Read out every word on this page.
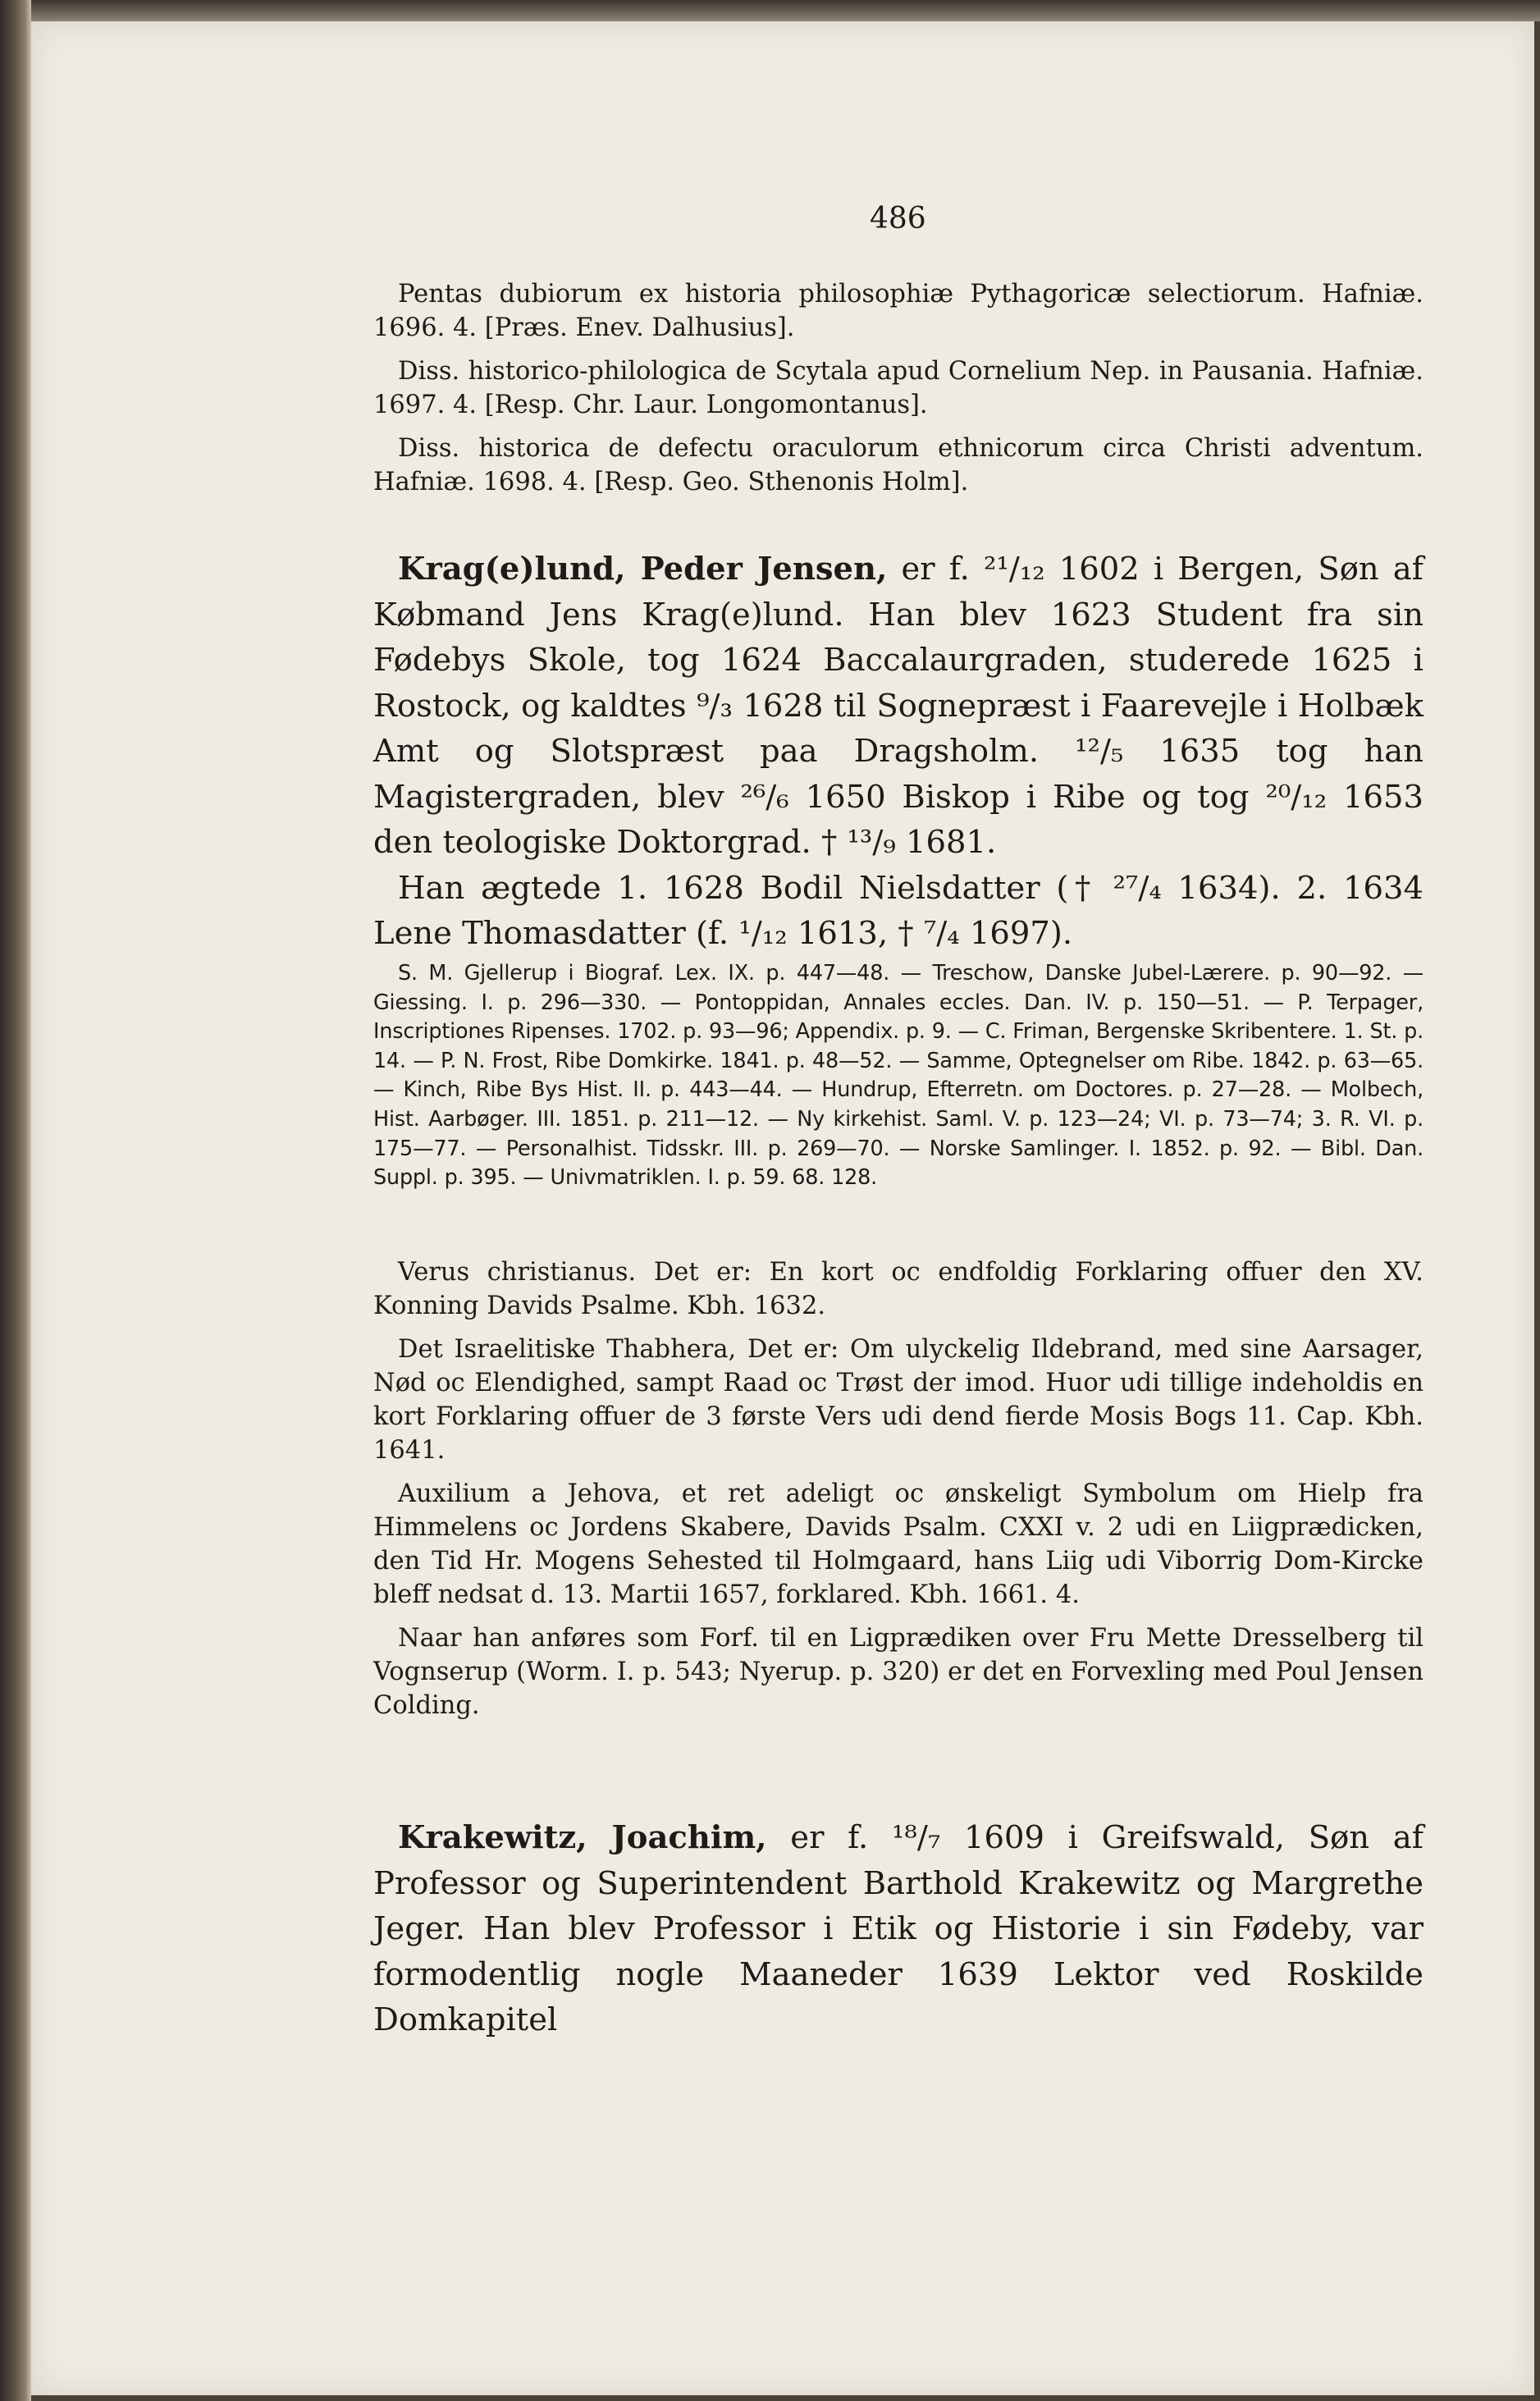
486

Pentas dubiorum ex historia philosophiæ Pythagoricæ selectiorum. Hafniæ. 1696. 4. [Præs. Enev. Dalhusius].

Diss. historico-philologica de Scytala apud Cornelium Nep. in Pausania. Hafniæ. 1697. 4. [Resp. Chr. Laur. Longomontanus].

Diss. historica de defectu oraculorum ethnicorum circa Christi adventum. Hafniæ. 1698. 4. [Resp. Geo. Sthenonis Holm].

Krag(e)lund, Peder Jensen, er f. ²¹/₁₂ 1602 i Bergen, Søn af Købmand Jens Krag(e)lund. Han blev 1623 Student fra sin Fødebys Skole, tog 1624 Baccalaurgraden, studerede 1625 i Rostock, og kaldtes ⁹/₃ 1628 til Sognepræst i Faarevejle i Holbæk Amt og Slotspræst paa Dragsholm. ¹²/₅ 1635 tog han Magistergraden, blev ²⁶/₆ 1650 Biskop i Ribe og tog ²⁰/₁₂ 1653 den teologiske Doktorgrad. † ¹³/₉ 1681.

Han ægtede 1. 1628 Bodil Nielsdatter († ²⁷/₄ 1634). 2. 1634 Lene Thomasdatter (f. ¹/₁₂ 1613, † ⁷/₄ 1697).

S. M. Gjellerup i Biograf. Lex. IX. p. 447—48. — Treschow, Danske Jubel-Lærere. p. 90—92. — Giessing. I. p. 296—330. — Pontoppidan, Annales eccles. Dan. IV. p. 150—51. — P. Terpager, Inscriptiones Ripenses. 1702. p. 93—96; Appendix. p. 9. — C. Friman, Bergenske Skribentere. 1. St. p. 14. — P. N. Frost, Ribe Domkirke. 1841. p. 48—52. — Samme, Optegnelser om Ribe. 1842. p. 63—65. — Kinch, Ribe Bys Hist. II. p. 443—44. — Hundrup, Efterretn. om Doctores. p. 27—28. — Molbech, Hist. Aarbøger. III. 1851. p. 211—12. — Ny kirkehist. Saml. V. p. 123—24; VI. p. 73—74; 3. R. VI. p. 175—77. — Personalhist. Tidsskr. III. p. 269—70. — Norske Samlinger. I. 1852. p. 92. — Bibl. Dan. Suppl. p. 395. — Univmatriklen. I. p. 59. 68. 128.

Verus christianus. Det er: En kort oc endfoldig Forklaring offuer den XV. Konning Davids Psalme. Kbh. 1632.

Det Israelitiske Thabhera, Det er: Om ulyckelig Ildebrand, med sine Aarsager, Nød oc Elendighed, sampt Raad oc Trøst der imod. Huor udi tillige indeholdis en kort Forklaring offuer de 3 første Vers udi dend fierde Mosis Bogs 11. Cap. Kbh. 1641.

Auxilium a Jehova, et ret adeligt oc ønskeligt Symbolum om Hielp fra Himmelens oc Jordens Skabere, Davids Psalm. CXXI v. 2 udi en Liigprædicken, den Tid Hr. Mogens Sehested til Holmgaard, hans Liig udi Viborrig Dom-Kircke bleff nedsat d. 13. Martii 1657, forklared. Kbh. 1661. 4.

Naar han anføres som Forf. til en Ligprædiken over Fru Mette Dresselberg til Vognserup (Worm. I. p. 543; Nyerup. p. 320) er det en Forvexling med Poul Jensen Colding.

Krakewitz, Joachim, er f. ¹⁸/₇ 1609 i Greifswald, Søn af Professor og Superintendent Barthold Krakewitz og Margrethe Jeger. Han blev Professor i Etik og Historie i sin Fødeby, var formodentlig nogle Maaneder 1639 Lektor ved Roskilde Domkapitel
